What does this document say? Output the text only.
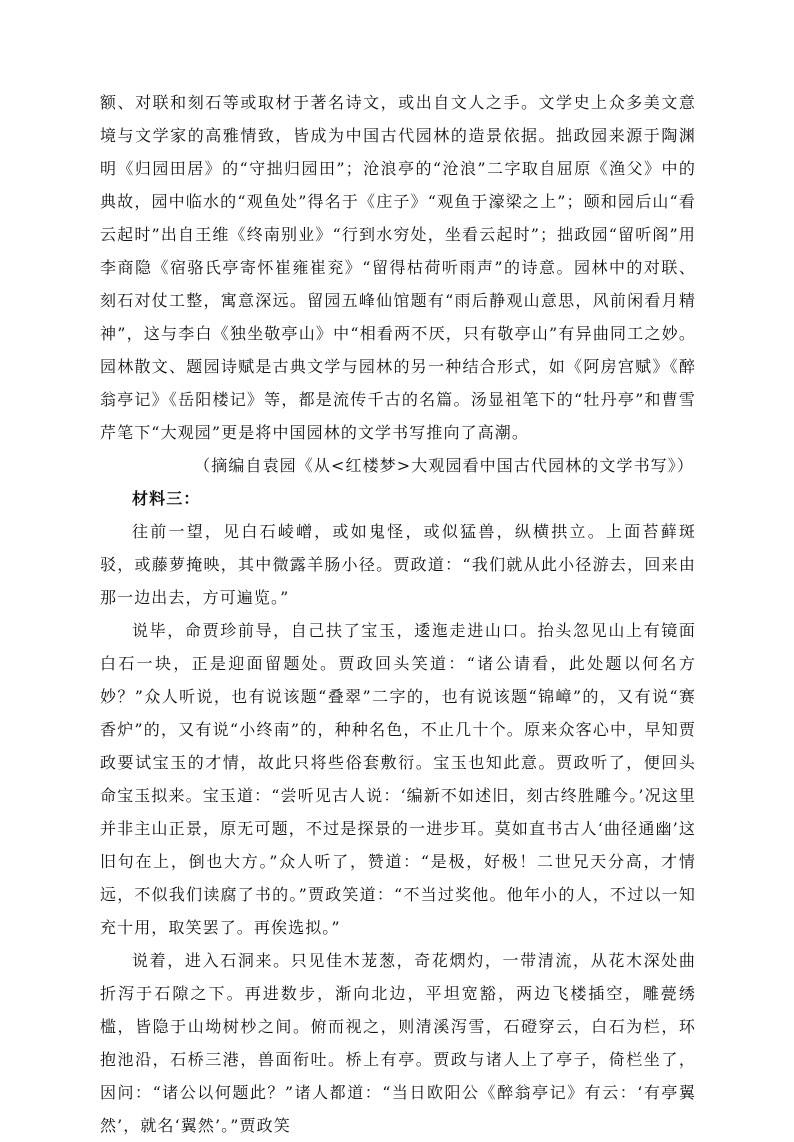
额、对联和刻石等或取材于著名诗文，或出自文人之手。文学史上众多美文意境与文学家的高雅情致，皆成为中国古代园林的造景依据。拙政园来源于陶渊明《归园田居》的“守拙归园田”；沧浪亭的“沧浪”二字取自屈原《渔父》中的典故，园中临水的“观鱼处”得名于《庄子》“观鱼于濠梁之上”；颐和园后山“看云起时”出自王维《终南别业》“行到水穷处，坐看云起时”；拙政园“留听阁”用李商隐《宿骆氏亭寄怀崔雍崔兖》“留得枯荷听雨声”的诗意。园林中的对联、刻石对仗工整，寓意深远。留园五峰仙馆题有“雨后静观山意思，风前闲看月精神”，这与李白《独坐敬亭山》中“相看两不厌，只有敬亭山”有异曲同工之妙。园林散文、题园诗赋是古典文学与园林的另一种结合形式，如《阿房宫赋》《醉翁亭记》《岳阳楼记》等，都是流传千古的名篇。汤显祖笔下的“牡丹亭”和曹雪芹笔下“大观园”更是将中国园林的文学书写推向了高潮。

（摘编自袁园《从<红楼梦>大观园看中国古代园林的文学书写》）

材料三：

往前一望，见白石崚嶒，或如鬼怪，或似猛兽，纵横拱立。上面苔藓斑驳，或藤萝掩映，其中微露羊肠小径。贾政道：“我们就从此小径游去，回来由那一边出去，方可遍览。”

说毕，命贾珍前导，自己扶了宝玉，逶迤走进山口。抬头忽见山上有镜面白石一块，正是迎面留题处。贾政回头笑道：“诸公请看，此处题以何名方妙？”众人听说，也有说该题“叠翠”二字的，也有说该题“锦嶂”的，又有说“赛香炉”的，又有说“小终南”的，种种名色，不止几十个。原来众客心中，早知贾政要试宝玉的才情，故此只将些俗套敷衍。宝玉也知此意。贾政听了，便回头命宝玉拟来。宝玉道：“尝听见古人说：‘编新不如述旧，刻古终胜雕今。’况这里并非主山正景，原无可题，不过是探景的一进步耳。莫如直书古人‘曲径通幽’这旧句在上，倒也大方。”众人听了，赞道：“是极，好极！二世兄天分高，才情远，不似我们读腐了书的。”贾政笑道：“不当过奖他。他年小的人，不过以一知充十用，取笑罢了。再俟选拟。”

说着，进入石洞来。只见佳木茏葱，奇花熌灼，一带清流，从花木深处曲折泻于石隙之下。再进数步，渐向北边，平坦宽豁，两边飞楼插空，雕甍绣槛，皆隐于山坳树杪之间。俯而视之，则清溪泻雪，石磴穿云，白石为栏，环抱池沿，石桥三港，兽面衔吐。桥上有亭。贾政与诸人上了亭子，倚栏坐了，因问：“诸公以何题此？”诸人都道：“当日欧阳公《醉翁亭记》有云：‘有亭翼然’，就名‘翼然’。”贾政笑
